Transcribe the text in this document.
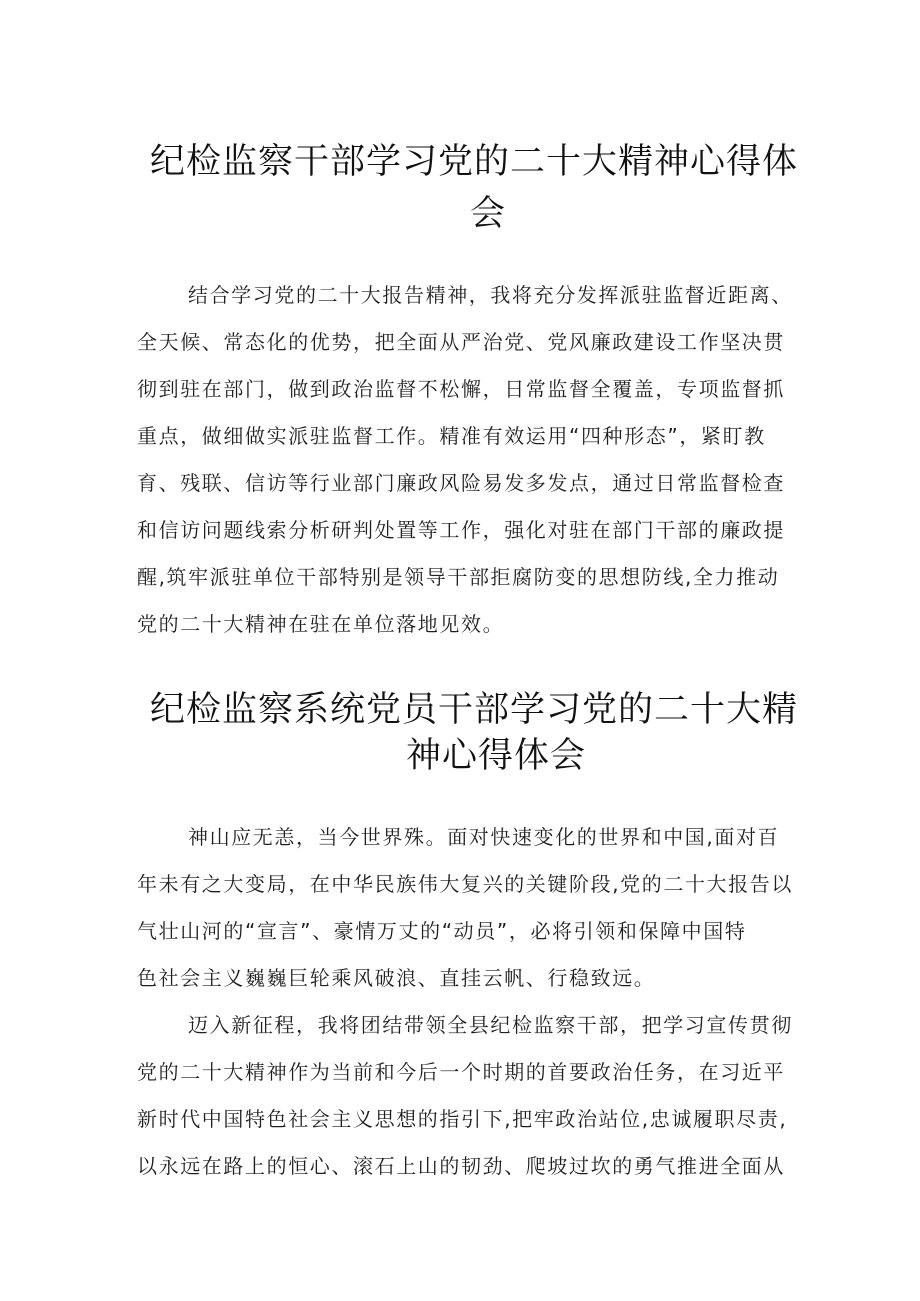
纪检监察干部学习党的二十大精神心得体
会
结合学习党的二十大报告精神，我将充分发挥派驻监督近距离、
全天候、常态化的优势，把全面从严治党、党风廉政建设工作坚决贯
彻到驻在部门，做到政治监督不松懈，日常监督全覆盖，专项监督抓
重点，做细做实派驻监督工作。精准有效运用“四种形态”，紧盯教
育、残联、信访等行业部门廉政风险易发多发点，通过日常监督检查
和信访问题线索分析研判处置等工作，强化对驻在部门干部的廉政提
醒,筑牢派驻单位干部特别是领导干部拒腐防变的思想防线,全力推动
党的二十大精神在驻在单位落地见效。
纪检监察系统党员干部学习党的二十大精
神心得体会
神山应无恙，当今世界殊。面对快速变化的世界和中国,面对百
年未有之大变局，在中华民族伟大复兴的关键阶段,党的二十大报告以
气壮山河的“宣言”、豪情万丈的“动员”，必将引领和保障中国特
色社会主义巍巍巨轮乘风破浪、直挂云帆、行稳致远。
迈入新征程，我将团结带领全县纪检监察干部，把学习宣传贯彻
党的二十大精神作为当前和今后一个时期的首要政治任务，在习近平
新时代中国特色社会主义思想的指引下,把牢政治站位,忠诚履职尽责,
以永远在路上的恒心、滚石上山的韧劲、爬坡过坎的勇气推进全面从
